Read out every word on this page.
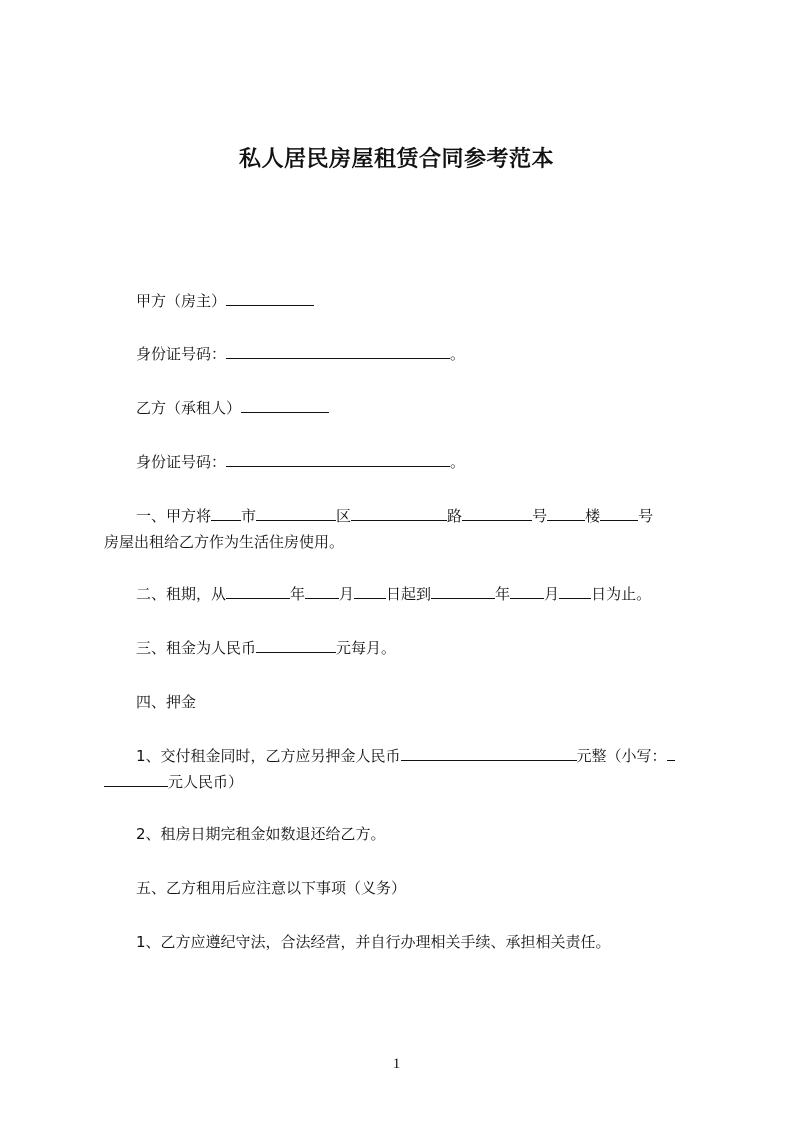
私人居民房屋租赁合同参考范本
甲方（房主）
身份证号码：	。
乙方（承租人）
身份证号码：	。
一、甲方将 市	区	路	号	楼	号
房屋出租给乙方作为生活住房使用。
二、租期，从	年 月 日起到	年 月 日为止。
三、租金为人民币	元每月。
四、押金
1、交付租金同时，乙方应另押金人民币	元整（小写：
元人民币）
2、租房日期完租金如数退还给乙方。
五、乙方租用后应注意以下事项（义务）
1、乙方应遵纪守法，合法经营，并自行办理相关手续、承担相关责任。
1
